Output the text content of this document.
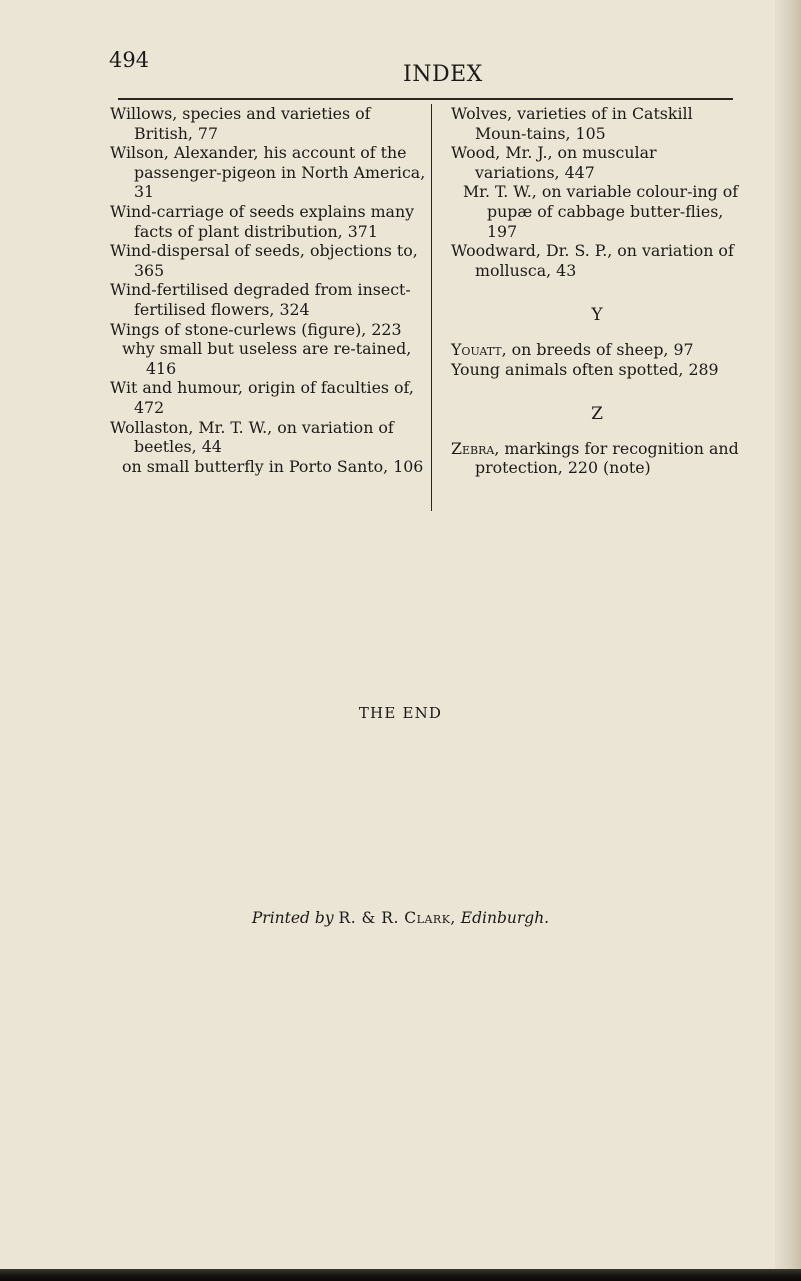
494
INDEX

Willows, species and varieties of British, 77

Wilson, Alexander, his account of the passenger-pigeon in North America, 31

Wind-carriage of seeds explains many facts of plant distribution, 371

Wind-dispersal of seeds, objections to, 365

Wind-fertilised degraded from insect-fertilised flowers, 324

Wings of stone-curlews (figure), 223

why small but useless are re-tained, 416

Wit and humour, origin of faculties of, 472

Wollaston, Mr. T. W., on variation of beetles, 44

on small butterfly in Porto Santo, 106

Wolves, varieties of in Catskill Moun-tains, 105

Wood, Mr. J., on muscular variations, 447

Mr. T. W., on variable colour-ing of pupæ of cabbage butter-flies, 197

Woodward, Dr. S. P., on variation of mollusca, 43

Y

Youatt, on breeds of sheep, 97

Young animals often spotted, 289

Z

Zebra, markings for recognition and protection, 220 (note)

THE END
Printed by R. & R. Clark, Edinburgh.
